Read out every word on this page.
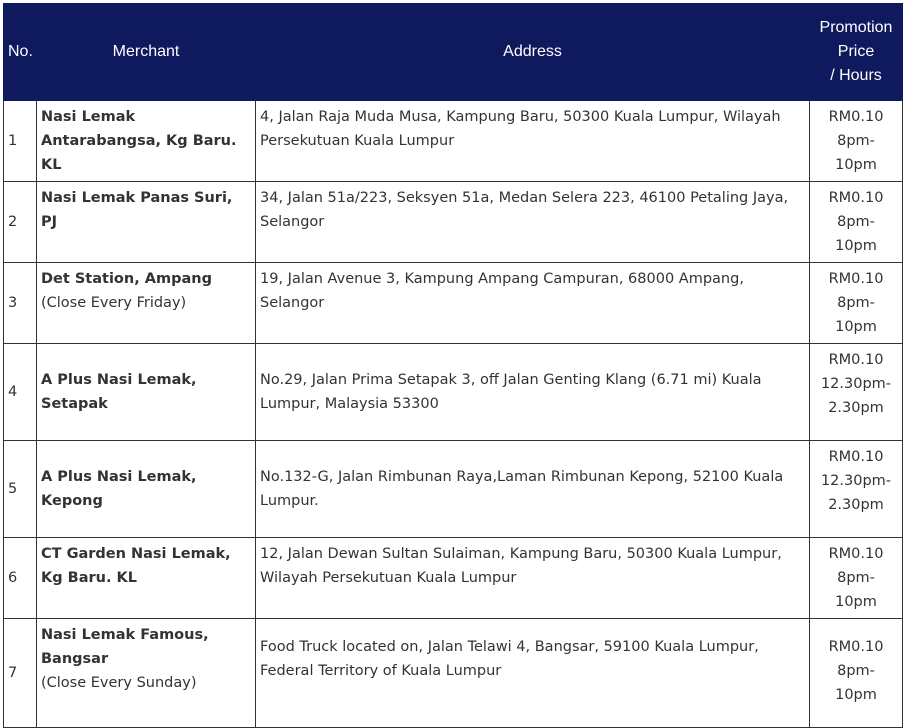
No.	Merchant	Address	Promotion
Price
/ Hours

1	Nasi Lemak Antarabangsa, Kg Baru. KL	4, Jalan Raja Muda Musa, Kampung Baru, 50300 Kuala Lumpur, Wilayah Persekutuan Kuala Lumpur	RM0.10
8pm- 10pm

2	Nasi Lemak Panas Suri, PJ	34, Jalan 51a/223, Seksyen 51a, Medan Selera 223, 46100 Petaling Jaya, Selangor	RM0.10
8pm- 10pm

3	Det Station, Ampang
(Close Every Friday)	19, Jalan Avenue 3, Kampung Ampang Campuran, 68000 Ampang, Selangor	RM0.10
8pm- 10pm

4	A Plus Nasi Lemak, Setapak	No.29, Jalan Prima Setapak 3, off Jalan Genting Klang (6.71 mi) Kuala Lumpur, Malaysia 53300	RM0.10
12.30pm- 2.30pm

5	A Plus Nasi Lemak, Kepong	No.132-G, Jalan Rimbunan Raya,Laman Rimbunan Kepong, 52100 Kuala Lumpur.	RM0.10
12.30pm- 2.30pm

6	CT Garden Nasi Lemak, Kg Baru. KL	12, Jalan Dewan Sultan Sulaiman, Kampung Baru, 50300 Kuala Lumpur, Wilayah Persekutuan Kuala Lumpur	RM0.10
8pm- 10pm

7	Nasi Lemak Famous, Bangsar
(Close Every Sunday)	Food Truck located on, Jalan Telawi 4, Bangsar, 59100 Kuala Lumpur, Federal Territory of Kuala Lumpur	RM0.10
8pm- 10pm
